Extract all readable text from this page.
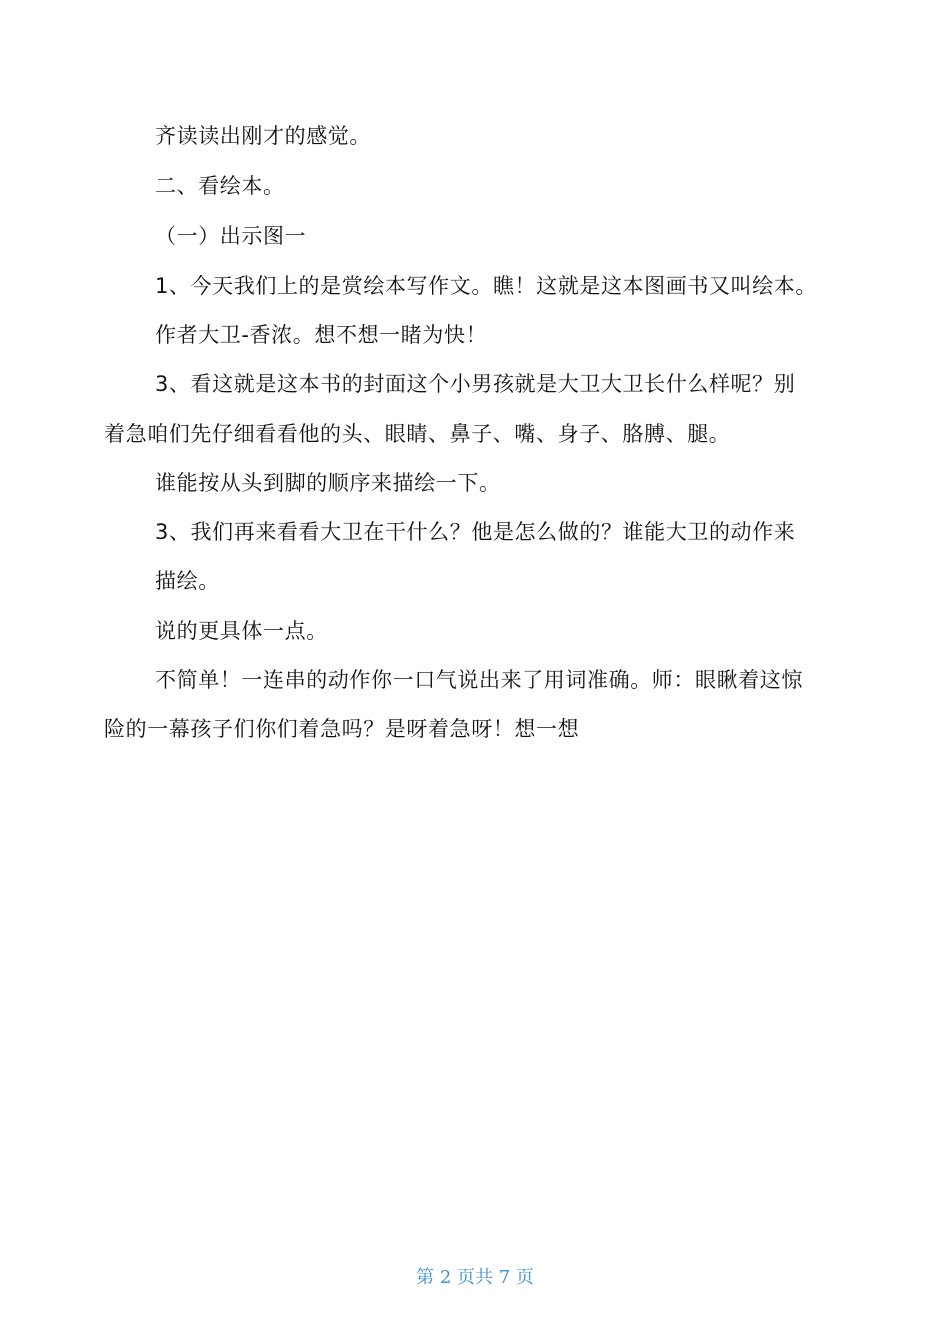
齐读读出刚才的感觉。
二、看绘本。
（一）出示图一
1、今天我们上的是赏绘本写作文。瞧！这就是这本图画书又叫绘本。
作者大卫-香浓。想不想一睹为快！
3、看这就是这本书的封面这个小男孩就是大卫大卫长什么样呢？别
着急咱们先仔细看看他的头、眼睛、鼻子、嘴、身子、胳膊、腿。
谁能按从头到脚的顺序来描绘一下。
3、我们再来看看大卫在干什么？他是怎么做的？谁能大卫的动作来
描绘。
说的更具体一点。
不简单！一连串的动作你一口气说出来了用词准确。师：眼瞅着这惊
险的一幕孩子们你们着急吗？是呀着急呀！想一想
第 2 页共 7 页
